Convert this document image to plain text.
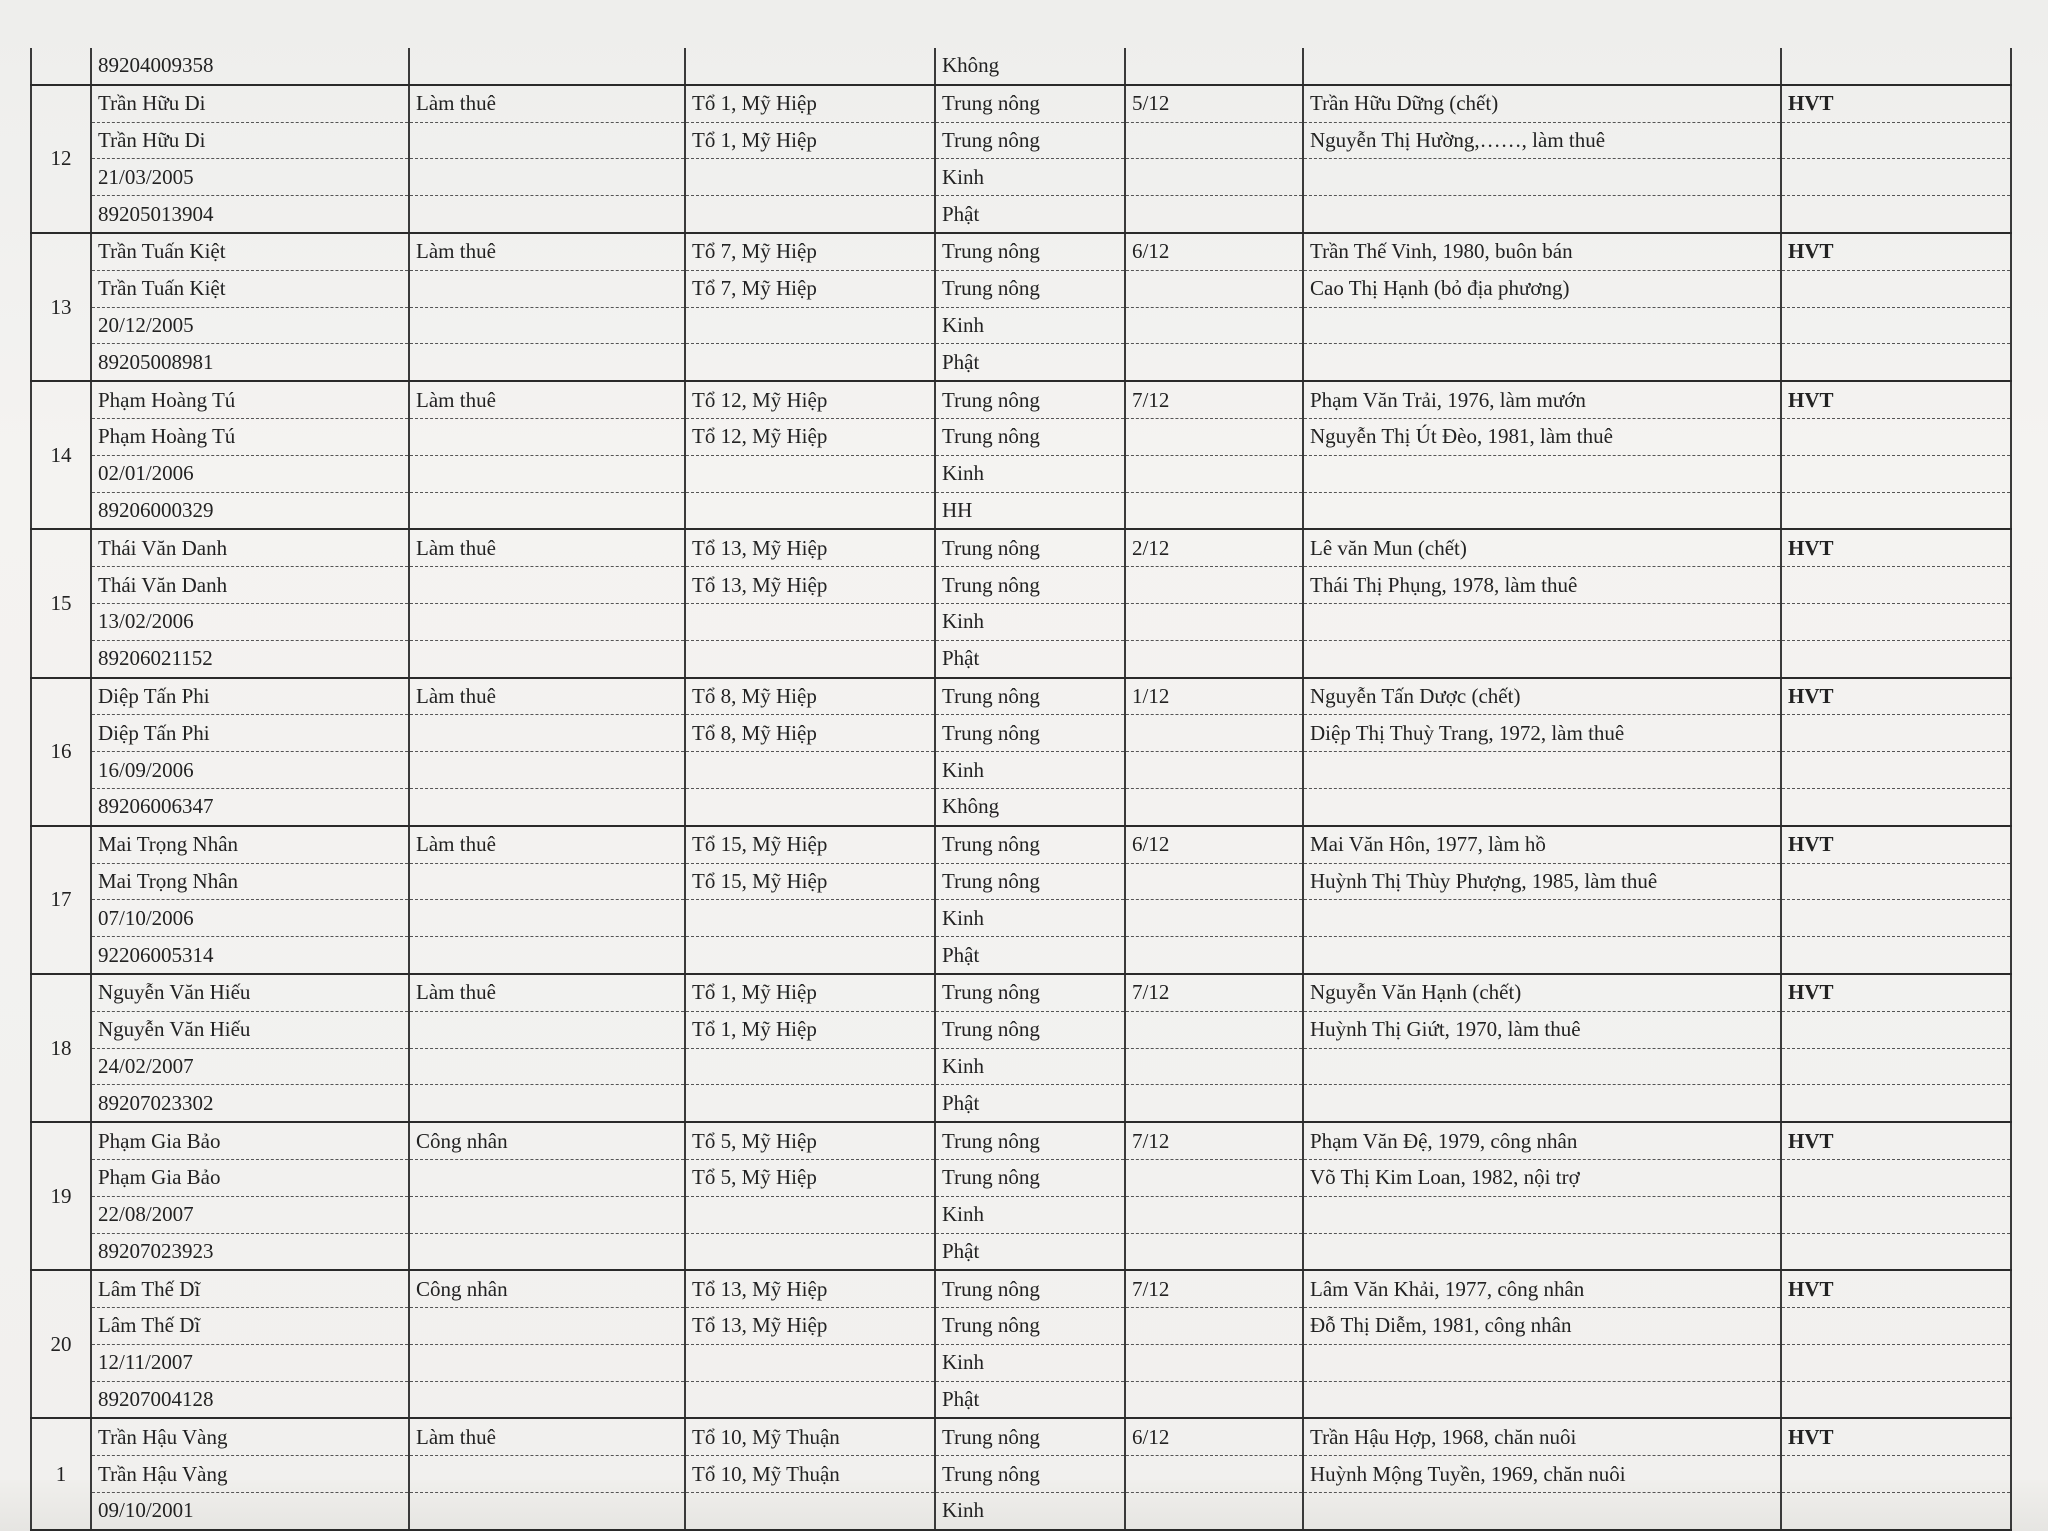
	89204009358			Không			
12	Trần Hữu Di	Làm thuê	Tổ 1, Mỹ Hiệp	Trung nông	5/12	Trần Hữu Dững (chết)	HVT
	Trần Hữu Di		Tổ 1, Mỹ Hiệp	Trung nông		Nguyễn Thị Hường,……, làm thuê	
	21/03/2005			Kinh			
	89205013904			Phật			
13	Trần Tuấn Kiệt	Làm thuê	Tổ 7, Mỹ Hiệp	Trung nông	6/12	Trần Thế Vinh, 1980, buôn bán	HVT
	Trần Tuấn Kiệt		Tổ 7, Mỹ Hiệp	Trung nông		Cao Thị Hạnh (bỏ địa phương)	
	20/12/2005			Kinh			
	89205008981			Phật			
14	Phạm Hoàng Tú	Làm thuê	Tổ 12, Mỹ Hiệp	Trung nông	7/12	Phạm Văn Trải, 1976, làm mướn	HVT
	Phạm Hoàng Tú		Tổ 12, Mỹ Hiệp	Trung nông		Nguyễn Thị Út Đèo, 1981, làm thuê	
	02/01/2006			Kinh			
	89206000329			HH			
15	Thái Văn Danh	Làm thuê	Tổ 13, Mỹ Hiệp	Trung nông	2/12	Lê văn Mun (chết)	HVT
	Thái Văn Danh		Tổ 13, Mỹ Hiệp	Trung nông		Thái Thị Phụng, 1978, làm thuê	
	13/02/2006			Kinh			
	89206021152			Phật			
16	Diệp Tấn Phi	Làm thuê	Tổ 8, Mỹ Hiệp	Trung nông	1/12	Nguyễn Tấn Dược (chết)	HVT
	Diệp Tấn Phi		Tổ 8, Mỹ Hiệp	Trung nông		Diệp Thị Thuỳ Trang, 1972, làm thuê	
	16/09/2006			Kinh			
	89206006347			Không			
17	Mai Trọng Nhân	Làm thuê	Tổ 15, Mỹ Hiệp	Trung nông	6/12	Mai Văn Hôn, 1977, làm hồ	HVT
	Mai Trọng Nhân		Tổ 15, Mỹ Hiệp	Trung nông		Huỳnh Thị Thùy Phượng, 1985, làm thuê	
	07/10/2006			Kinh			
	92206005314			Phật			
18	Nguyễn Văn Hiếu	Làm thuê	Tổ 1, Mỹ Hiệp	Trung nông	7/12	Nguyễn Văn Hạnh (chết)	HVT
	Nguyễn Văn Hiếu		Tổ 1, Mỹ Hiệp	Trung nông		Huỳnh Thị Giứt, 1970, làm thuê	
	24/02/2007			Kinh			
	89207023302			Phật			
19	Phạm Gia Bảo	Công nhân	Tổ 5, Mỹ Hiệp	Trung nông	7/12	Phạm Văn Đệ, 1979, công nhân	HVT
	Phạm Gia Bảo		Tổ 5, Mỹ Hiệp	Trung nông		Võ Thị Kim Loan, 1982, nội trợ	
	22/08/2007			Kinh			
	89207023923			Phật			
20	Lâm Thế Dĩ	Công nhân	Tổ 13, Mỹ Hiệp	Trung nông	7/12	Lâm Văn Khải, 1977, công nhân	HVT
	Lâm Thế Dĩ		Tổ 13, Mỹ Hiệp	Trung nông		Đỗ Thị Diễm, 1981, công nhân	
	12/11/2007			Kinh			
	89207004128			Phật			
1	Trần Hậu Vàng	Làm thuê	Tổ 10, Mỹ Thuận	Trung nông	6/12	Trần Hậu Hợp, 1968, chăn nuôi	HVT
	Trần Hậu Vàng		Tổ 10, Mỹ Thuận	Trung nông		Huỳnh Mộng Tuyền, 1969, chăn nuôi	
	09/10/2001			Kinh			
